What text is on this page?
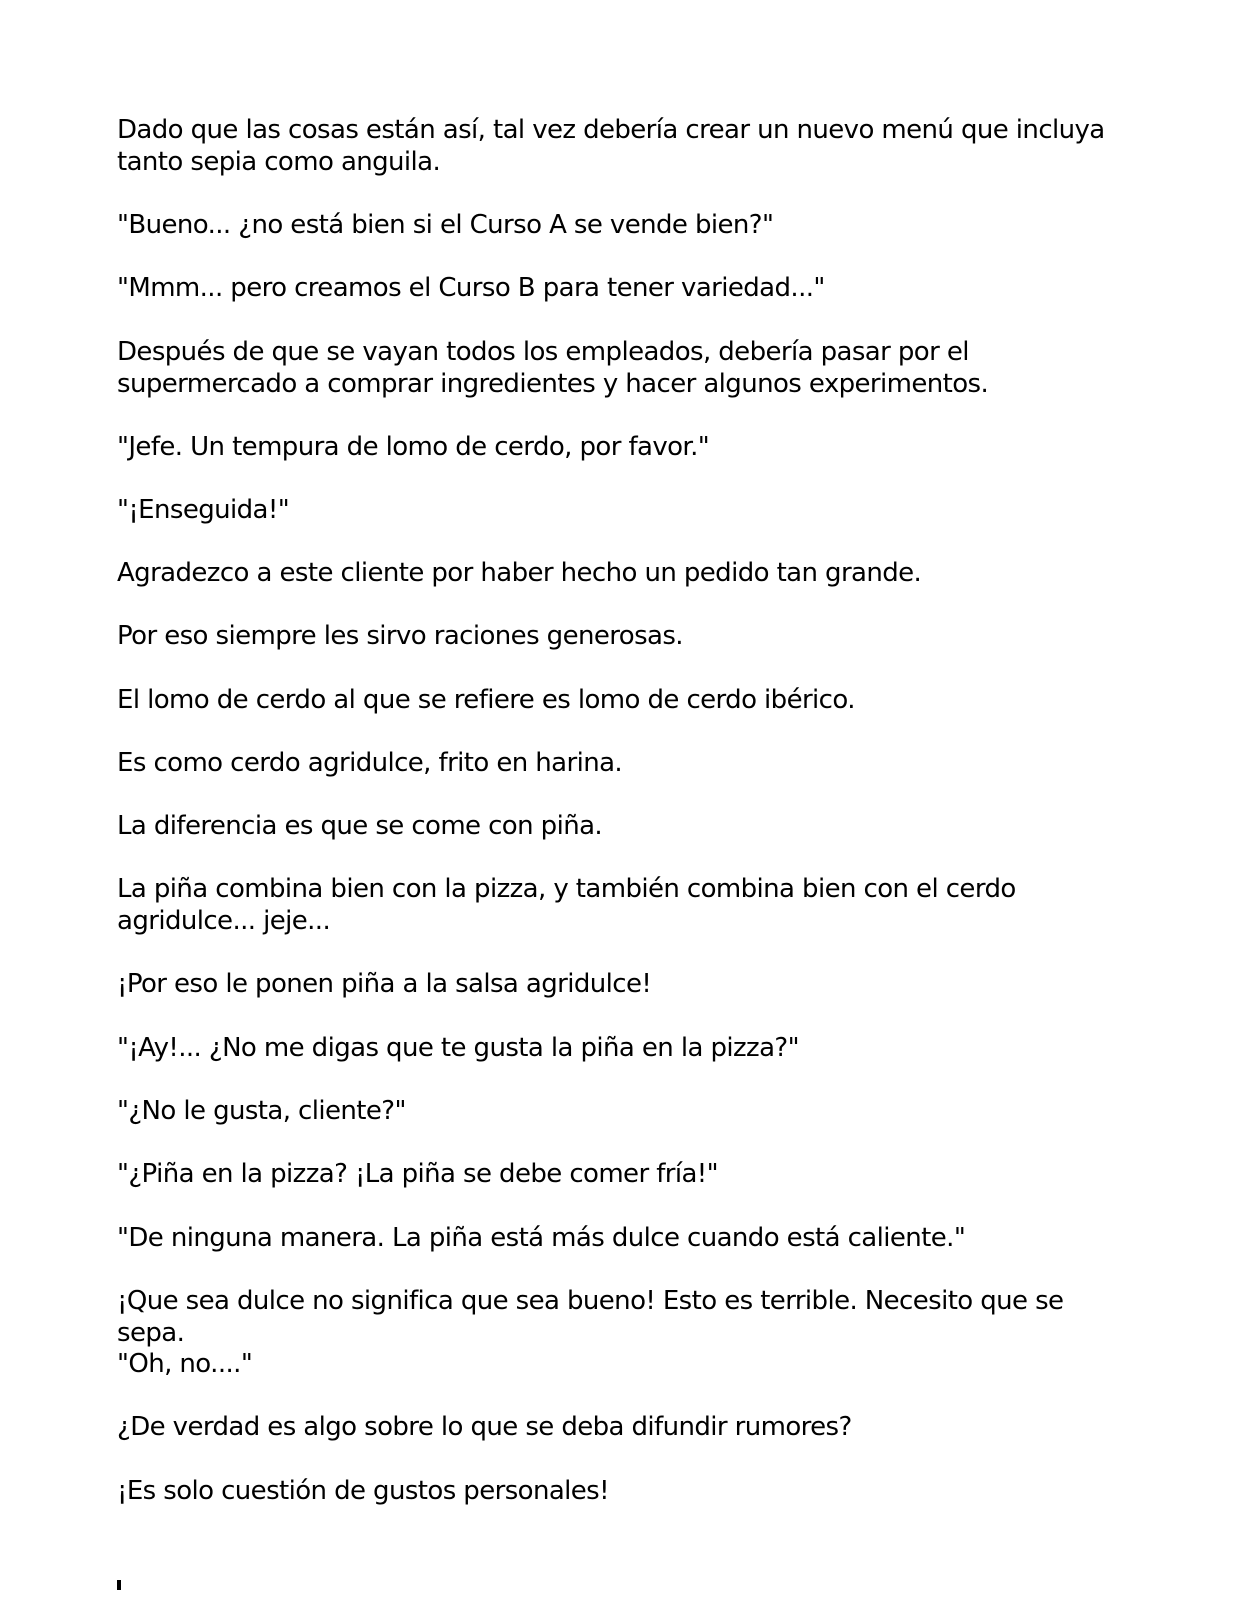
Dado que las cosas están así, tal vez debería crear un nuevo menú que incluya tanto sepia como anguila.

"Bueno... ¿no está bien si el Curso A se vende bien?"

"Mmm... pero creamos el Curso B para tener variedad..."

Después de que se vayan todos los empleados, debería pasar por el supermercado a comprar ingredientes y hacer algunos experimentos.

"Jefe. Un tempura de lomo de cerdo, por favor."

"¡Enseguida!"

Agradezco a este cliente por haber hecho un pedido tan grande.

Por eso siempre les sirvo raciones generosas.

El lomo de cerdo al que se refiere es lomo de cerdo ibérico.

Es como cerdo agridulce, frito en harina.

La diferencia es que se come con piña.

La piña combina bien con la pizza, y también combina bien con el cerdo agridulce... jeje...

¡Por eso le ponen piña a la salsa agridulce!

"¡Ay!... ¿No me digas que te gusta la piña en la pizza?"

"¿No le gusta, cliente?"

"¿Piña en la pizza? ¡La piña se debe comer fría!"

"De ninguna manera. La piña está más dulce cuando está caliente."

¡Que sea dulce no significa que sea bueno! Esto es terrible. Necesito que se sepa.

"Oh, no...."

¿De verdad es algo sobre lo que se deba difundir rumores?

¡Es solo cuestión de gustos personales!
